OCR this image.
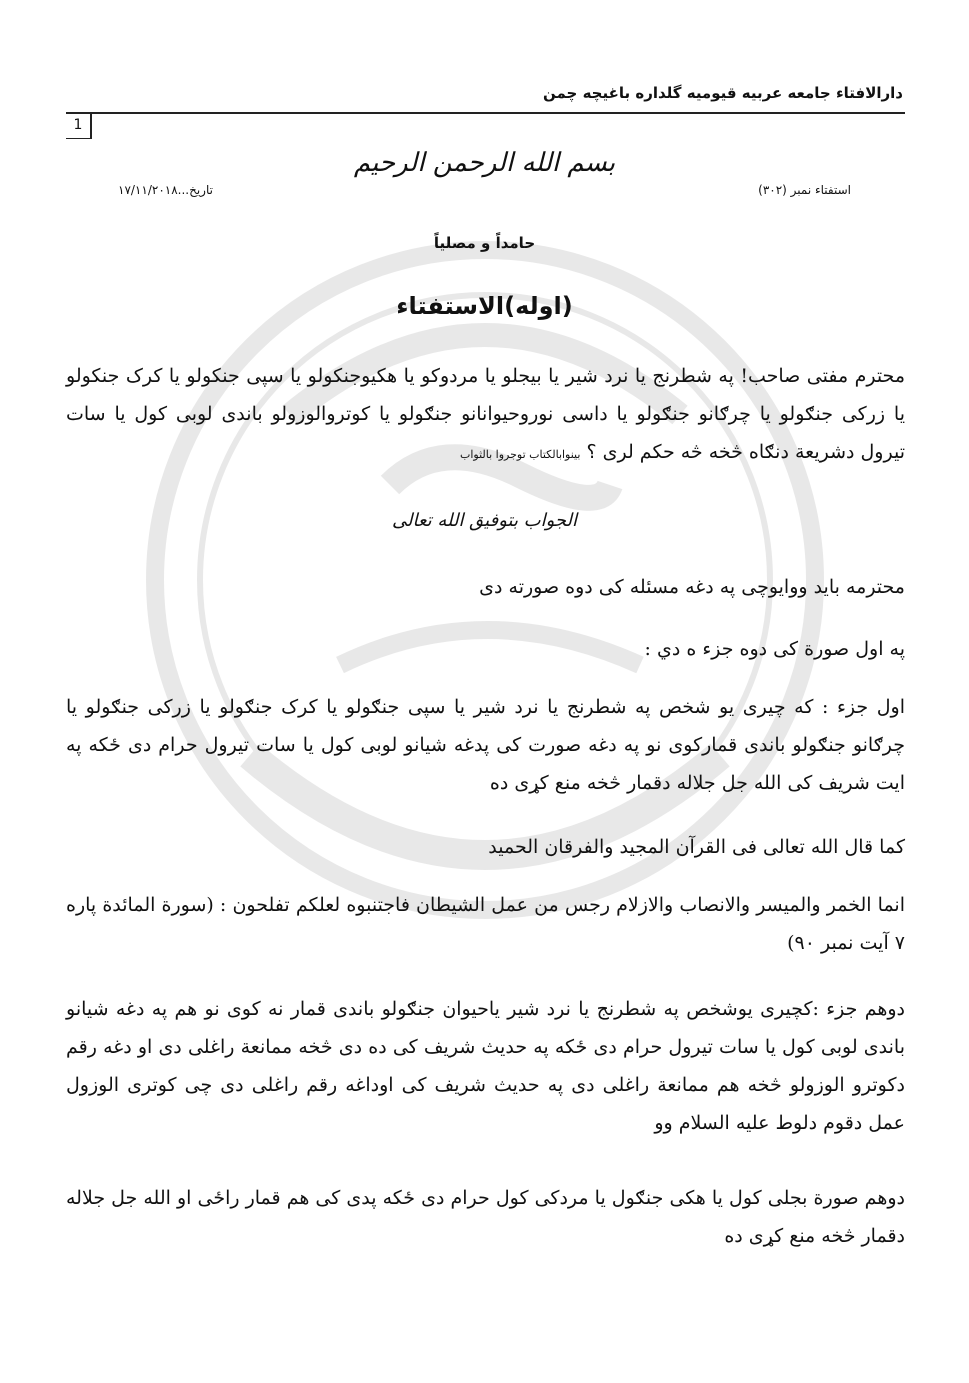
دارالافتاء جامعه عربیه قیومیه گلداره باغیچه چمن
1
بسم الله الرحمن الرحیم
استفتاء نمبر (۳۰۲)
تاریخ...۱۷/۱۱/۲۰۱۸
حامداً و مصلیاً
(اوله)الاستفتاء
محترم مفتی صاحب! په شطرنج یا نرد شیر یا بیجلو یا مردوکو یا هکیوجنکولو یا سپی جنکولو یا کرک جنکولو یا زرکی جنګولو یا چرګانو جنګولو یا داسی نوروحیوانانو جنګولو یا کوتروالوزولو باندی لوبی کول یا سات تیرول دشریعة دنګاه څخه څه حکم لری ؟ بینوابالکتاب توجروا بالثواب
الجواب بتوفیق الله تعالی
محترمه باید ووایوچی په دغه مسئله کی دوه صورته دی
په اول صورة کی دوه جزء ه دي :
اول جزء : که چیری یو شخص په شطرنج یا نرد شیر یا سپی جنګولو یا کرک جنګولو یا زرکی جنګولو یا چرګانو جنګولو باندی قمارکوی نو په دغه صورت کی پدغه شیانو لوبی کول یا سات تیرول حرام دی ځکه په ایت شریف کی الله جل جلاله دقمار څخه منع کړی ده
کما قال الله تعالی فی القرآن المجید والفرقان الحمید
انما الخمر والمیسر والانصاب والازلام رجس من عمل الشیطان فاجتنبوه لعلکم تفلحون : (سورة المائدة پاره ۷ آیت نمبر ۹۰)
دوهم جزء :کچیری یوشخص په شطرنج یا نرد شیر یاحیوان جنګولو باندی قمار نه کوی نو هم په دغه شیانو باندی لوبی کول یا سات تیرول حرام دی ځکه په حدیث شریف کی ده دی څخه ممانعة راغلی دی او دغه رقم دکوترو الوزولو څخه هم ممانعة راغلی دی په حدیث شریف کی اوداغه رقم راغلی دی چی کوتری الوزول عمل دقوم دلوط علیه السلام وو
دوهم صورة بجلی کول یا هکی جنګول یا مردکی کول حرام دی ځکه پدی کی هم قمار راځی او الله جل جلاله دقمار څخه منع کړی ده
